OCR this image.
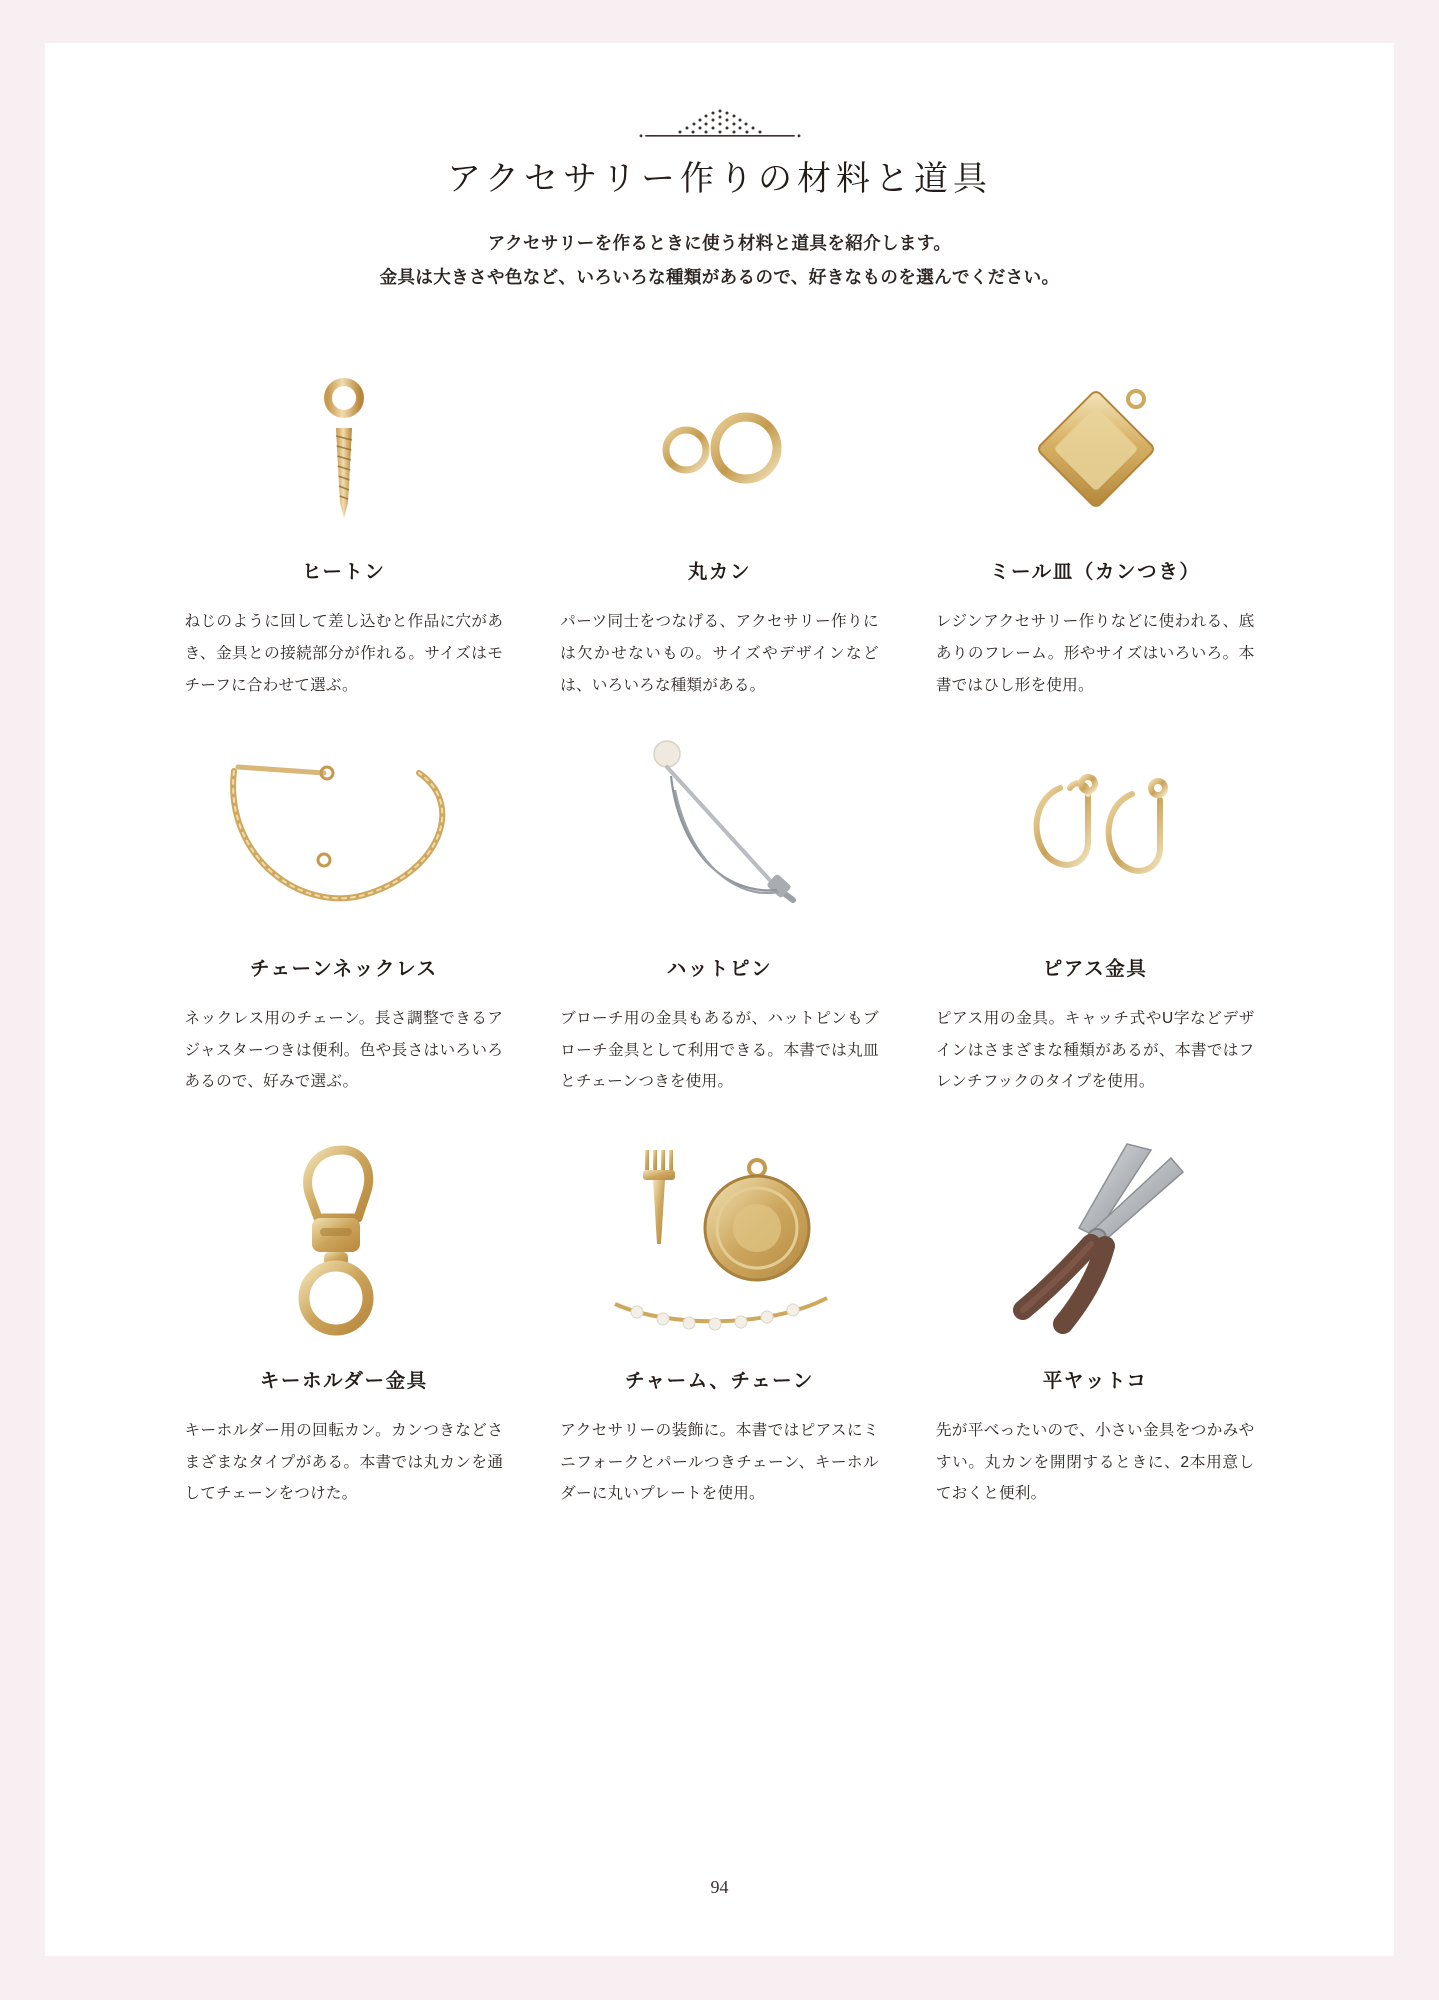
アクセサリー作りの材料と道具
アクセサリーを作るときに使う材料と道具を紹介します。
金具は大きさや色など、いろいろな種類があるので、好きなものを選んでください。
ヒートン
ねじのように回して差し込むと作品に穴があき、金具との接続部分が作れる。サイズはモチーフに合わせて選ぶ。
丸カン
パーツ同士をつなげる、アクセサリー作りには欠かせないもの。サイズやデザインなどは、いろいろな種類がある。
ミール皿（カンつき）
レジンアクセサリー作りなどに使われる、底ありのフレーム。形やサイズはいろいろ。本書ではひし形を使用。
チェーンネックレス
ネックレス用のチェーン。長さ調整できるアジャスターつきは便利。色や長さはいろいろあるので、好みで選ぶ。
ハットピン
ブローチ用の金具もあるが、ハットピンもブローチ金具として利用できる。本書では丸皿とチェーンつきを使用。
ピアス金具
ピアス用の金具。キャッチ式やU字などデザインはさまざまな種類があるが、本書ではフレンチフックのタイプを使用。
キーホルダー金具
キーホルダー用の回転カン。カンつきなどさまざまなタイプがある。本書では丸カンを通してチェーンをつけた。
チャーム、チェーン
アクセサリーの装飾に。本書ではピアスにミニフォークとパールつきチェーン、キーホルダーに丸いプレートを使用。
平ヤットコ
先が平べったいので、小さい金具をつかみやすい。丸カンを開閉するときに、2本用意しておくと便利。
94
